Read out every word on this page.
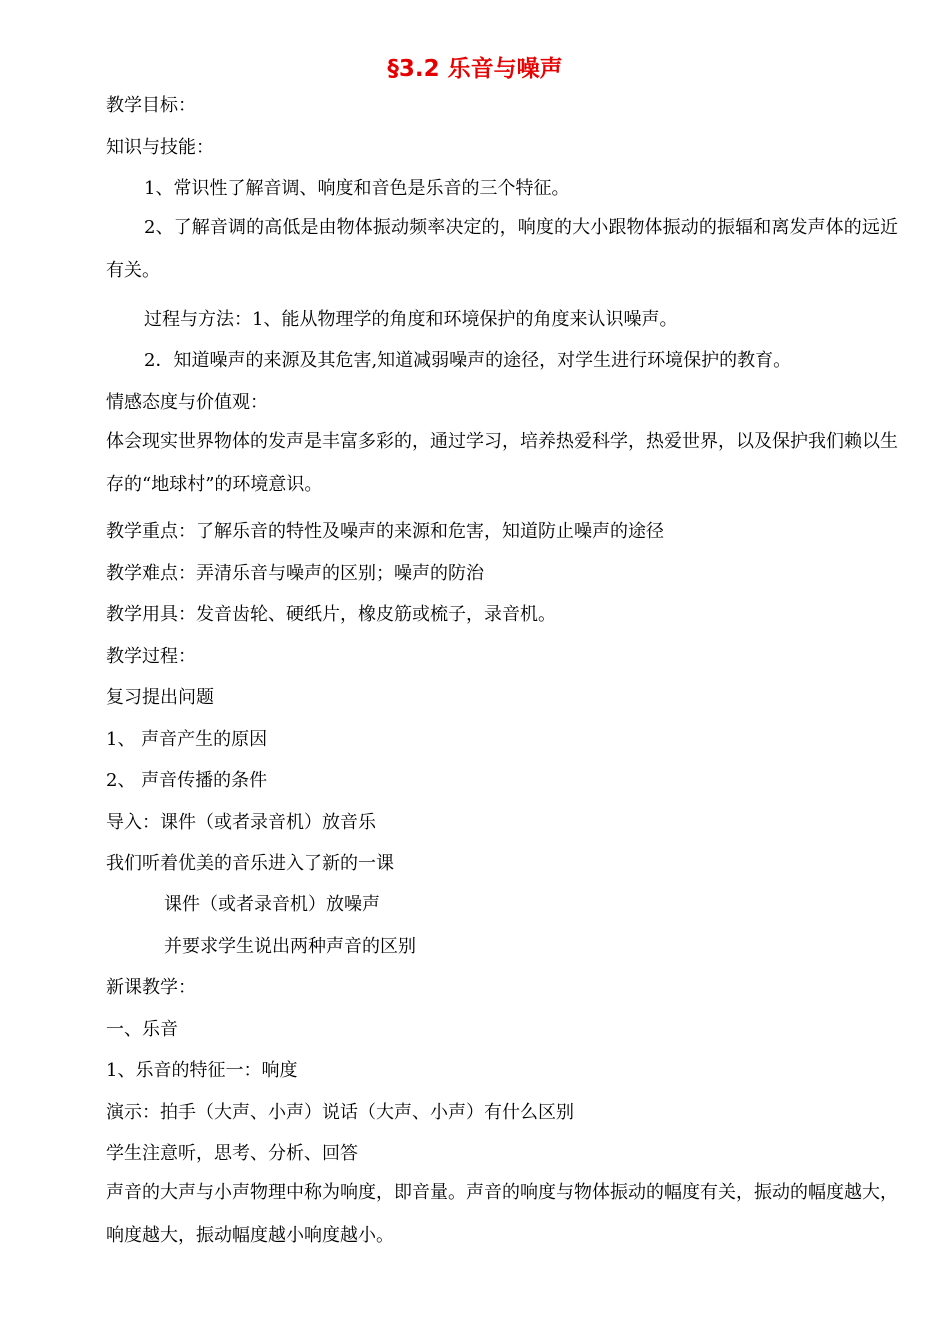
§3.2 乐音与噪声
教学目标：
知识与技能：
1、常识性了解音调、响度和音色是乐音的三个特征。
2、了解音调的高低是由物体振动频率决定的，响度的大小跟物体振动的振辐和离发声体的远近有关。
过程与方法：1、能从物理学的角度和环境保护的角度来认识噪声。
2．知道噪声的来源及其危害,知道减弱噪声的途径，对学生进行环境保护的教育。
情感态度与价值观：
体会现实世界物体的发声是丰富多彩的，通过学习，培养热爱科学，热爱世界，以及保护我们赖以生存的“地球村”的环境意识。
教学重点：了解乐音的特性及噪声的来源和危害，知道防止噪声的途径
教学难点：弄清乐音与噪声的区别；噪声的防治
教学用具：发音齿轮、硬纸片，橡皮筋或梳子，录音机。
教学过程：
复习提出问题
1、 声音产生的原因
2、 声音传播的条件
导入：课件（或者录音机）放音乐
我们听着优美的音乐进入了新的一课
课件（或者录音机）放噪声
并要求学生说出两种声音的区别
新课教学：
一、乐音
1、乐音的特征一：响度
演示：拍手（大声、小声）说话（大声、小声）有什么区别
学生注意听，思考、分析、回答
声音的大声与小声物理中称为响度，即音量。声音的响度与物体振动的幅度有关，振动的幅度越大，响度越大，振动幅度越小响度越小。
